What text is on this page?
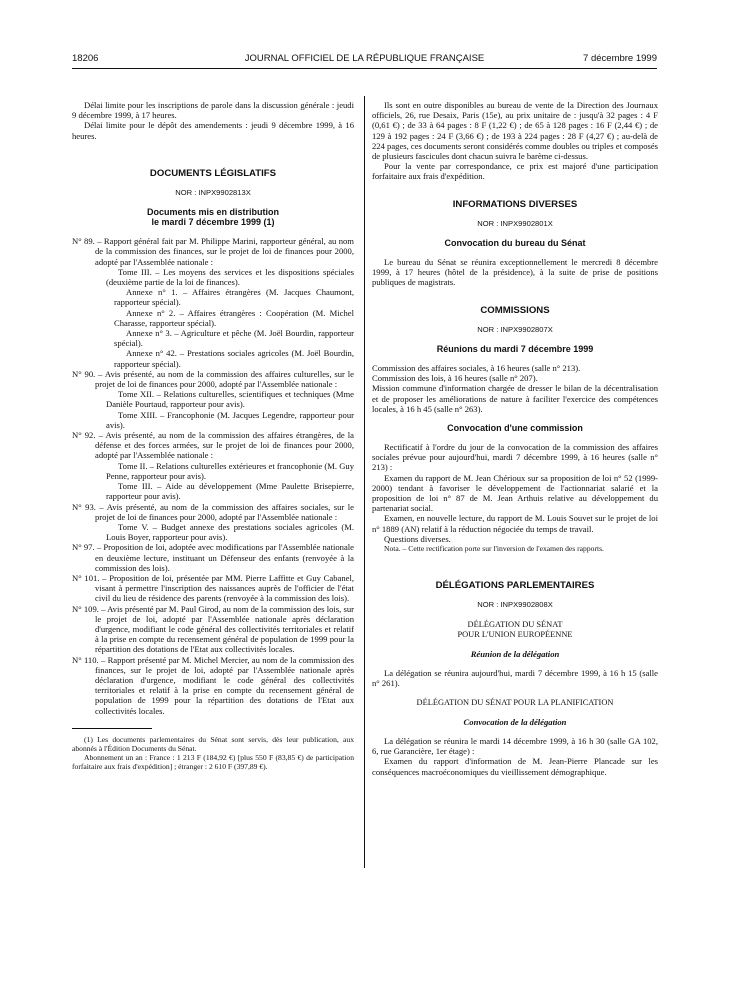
18206	JOURNAL OFFICIEL DE LA RÉPUBLIQUE FRANÇAISE	7 décembre 1999

Délai limite pour les inscriptions de parole dans la discussion générale : jeudi 9 décembre 1999, à 17 heures.

Délai limite pour le dépôt des amendements : jeudi 9 décembre 1999, à 16 heures.

DOCUMENTS LÉGISLATIFS

NOR : INPX9902813X

Documents mis en distribution

le mardi 7 décembre 1999 (1)

N° 89. – Rapport général fait par M. Philippe Marini, rapporteur général, au nom de la commission des finances, sur le projet de loi de finances pour 2000, adopté par l'Assemblée nationale :

Tome III. – Les moyens des services et les dispositions spéciales (deuxième partie de la loi de finances).

Annexe n° 1. – Affaires étrangères (M. Jacques Chaumont, rapporteur spécial).

Annexe n° 2. – Affaires étrangères : Coopération (M. Michel Charasse, rapporteur spécial).

Annexe n° 3. – Agriculture et pêche (M. Joël Bourdin, rapporteur spécial).

Annexe n° 42. – Prestations sociales agricoles (M. Joël Bourdin, rapporteur spécial).

N° 90. – Avis présenté, au nom de la commission des affaires culturelles, sur le projet de loi de finances pour 2000, adopté par l'Assemblée nationale :

Tome XII. – Relations culturelles, scientifiques et techniques (Mme Danièle Pourtaud, rapporteur pour avis).

Tome XIII. – Francophonie (M. Jacques Legendre, rapporteur pour avis).

N° 92. – Avis présenté, au nom de la commission des affaires étrangères, de la défense et des forces armées, sur le projet de loi de finances pour 2000, adopté par l'Assemblée nationale :

Tome II. – Relations culturelles extérieures et francophonie (M. Guy Penne, rapporteur pour avis).

Tome III. – Aide au développement (Mme Paulette Brisepierre, rapporteur pour avis).

N° 93. – Avis présenté, au nom de la commission des affaires sociales, sur le projet de loi de finances pour 2000, adopté par l'Assemblée nationale :

Tome V. – Budget annexe des prestations sociales agricoles (M. Louis Boyer, rapporteur pour avis).

N° 97. – Proposition de loi, adoptée avec modifications par l'Assemblée nationale en deuxième lecture, instituant un Défenseur des enfants (renvoyée à la commission des lois).

N° 101. – Proposition de loi, présentée par MM. Pierre Laffitte et Guy Cabanel, visant à permettre l'inscription des naissances auprès de l'officier de l'état civil du lieu de résidence des parents (renvoyée à la commission des lois).

N° 109. – Avis présenté par M. Paul Girod, au nom de la commission des lois, sur le projet de loi, adopté par l'Assemblée nationale après déclaration d'urgence, modifiant le code général des collectivités territoriales et relatif à la prise en compte du recensement général de population de 1999 pour la répartition des dotations de l'Etat aux collectivités locales.

N° 110. – Rapport présenté par M. Michel Mercier, au nom de la commission des finances, sur le projet de loi, adopté par l'Assemblée nationale après déclaration d'urgence, modifiant le code général des collectivités territoriales et relatif à la prise en compte du recensement général de population de 1999 pour la répartition des dotations de l'Etat aux collectivités locales.

(1) Les documents parlementaires du Sénat sont servis, dès leur publication, aux abonnés à l'Édition Documents du Sénat.

Abonnement un an : France : 1 213 F (184,92 €) [plus 550 F (83,85 €) de participation forfaitaire aux frais d'expédition] ; étranger : 2 610 F (397,89 €).

Ils sont en outre disponibles au bureau de vente de la Direction des Journaux officiels, 26, rue Desaix, Paris (15e), au prix unitaire de : jusqu'à 32 pages : 4 F (0,61 €) ; de 33 à 64 pages : 8 F (1,22 €) ; de 65 à 128 pages : 16 F (2,44 €) ; de 129 à 192 pages : 24 F (3,66 €) ; de 193 à 224 pages : 28 F (4,27 €) ; au-delà de 224 pages, ces documents seront considérés comme doubles ou triples et composés de plusieurs fascicules dont chacun suivra le barème ci-dessus.

Pour la vente par correspondance, ce prix est majoré d'une participation forfaitaire aux frais d'expédition.

INFORMATIONS DIVERSES

NOR : INPX9902801X

Convocation du bureau du Sénat

Le bureau du Sénat se réunira exceptionnellement le mercredi 8 décembre 1999, à 17 heures (hôtel de la présidence), à la suite de prise de positions publiques de magistrats.

COMMISSIONS

NOR : INPX9902807X

Réunions du mardi 7 décembre 1999

Commission des affaires sociales, à 16 heures (salle n° 213).

Commission des lois, à 16 heures (salle n° 207).

Mission commune d'information chargée de dresser le bilan de la décentralisation et de proposer les améliorations de nature à faciliter l'exercice des compétences locales, à 16 h 45 (salle n° 263).

Convocation d'une commission

Rectificatif à l'ordre du jour de la convocation de la commission des affaires sociales prévue pour aujourd'hui, mardi 7 décembre 1999, à 16 heures (salle n° 213) :

Examen du rapport de M. Jean Chérioux sur sa proposition de loi n° 52 (1999-2000) tendant à favoriser le développement de l'actionnariat salarié et la proposition de loi n° 87 de M. Jean Arthuis relative au développement du partenariat social.

Examen, en nouvelle lecture, du rapport de M. Louis Souvet sur le projet de loi n° 1889 (AN) relatif à la réduction négociée du temps de travail.

Questions diverses.

Nota. – Cette rectification porte sur l'inversion de l'examen des rapports.

DÉLÉGATIONS PARLEMENTAIRES

NOR : INPX9902808X

DÉLÉGATION DU SÉNAT

POUR L'UNION EUROPÉENNE

Réunion de la délégation

La délégation se réunira aujourd'hui, mardi 7 décembre 1999, à 16 h 15 (salle n° 261).

DÉLÉGATION DU SÉNAT POUR LA PLANIFICATION

Convocation de la délégation

La délégation se réunira le mardi 14 décembre 1999, à 16 h 30 (salle GA 102, 6, rue Garancière, 1er étage) :

Examen du rapport d'information de M. Jean-Pierre Plancade sur les conséquences macroéconomiques du vieillissement démographique.
